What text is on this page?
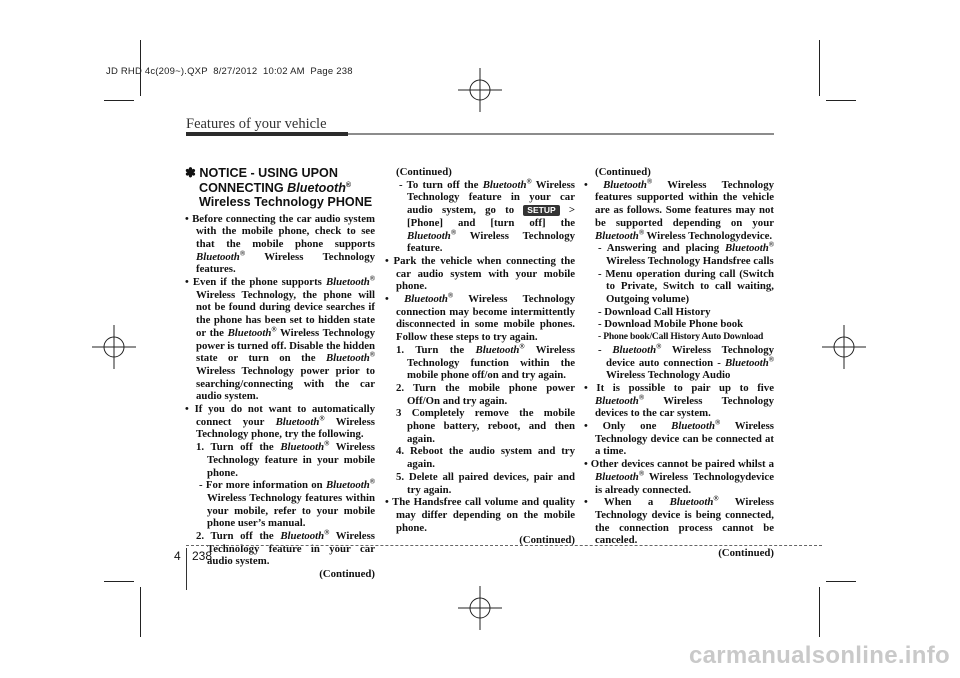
JD RHD 4c(209~).QXP  8/27/2012  10:02 AM  Page 238
Features of your vehicle
✽ NOTICE - USING UPON
CONNECTING Bluetooth®
Wireless Technology PHONE

• Before connecting the car audio system with the mobile phone, check to see that the mobile phone supports Bluetooth® Wireless Technology features.

• Even if the phone supports Bluetooth® Wireless Technology, the phone will not be found during device searches if the phone has been set to hidden state or the Bluetooth® Wireless Technology power is turned off. Disable the hidden state or turn on the Bluetooth® Wireless Technology power prior to searching/connecting with the car audio system.

• If you do not want to automatically connect your Bluetooth® Wireless Technology phone, try the following.

1. Turn off the Bluetooth® Wireless Technology feature in your mobile phone.

- For more information on Bluetooth® Wireless Technology features within your mobile, refer to your mobile phone user’s manual.

2. Turn off the Bluetooth® Wireless Technology feature in your car audio system.

(Continued)

(Continued)

- To turn off the Bluetooth® Wireless Technology feature in your car audio system, go to SETUP > [Phone] and [turn off] the Bluetooth® Wireless Technology feature.

• Park the vehicle when connecting the car audio system with your mobile phone.

• Bluetooth® Wireless Technology connection may become intermittently disconnected in some mobile phones. Follow these steps to try again.

1. Turn the Bluetooth® Wireless Technology function within the mobile phone off/on and try again.

2. Turn the mobile phone power Off/On and try again.

3 Completely remove the mobile phone battery, reboot, and then again.

4. Reboot the audio system and try again.

5. Delete all paired devices, pair and try again.

• The Handsfree call volume and quality may differ depending on the mobile phone.

(Continued)

(Continued)

• Bluetooth® Wireless Technology features supported within the vehicle are as follows. Some features may not be supported depending on your Bluetooth® Wireless Technologydevice.

- Answering and placing Bluetooth® Wireless Technology Handsfree calls

- Menu operation during call (Switch to Private, Switch to call waiting, Outgoing volume)

- Download Call History

- Download Mobile Phone book

- Phone book/Call History Auto Download

- Bluetooth® Wireless Technology device auto connection - Bluetooth® Wireless Technology Audio

• It is possible to pair up to five Bluetooth® Wireless Technology devices to the car system.

• Only one Bluetooth® Wireless Technology device can be connected at a time.

• Other devices cannot be paired whilst a Bluetooth® Wireless Technologydevice is already connected.

• When a Bluetooth® Wireless Technology device is being connected, the connection process cannot be canceled.

(Continued)

4 238
carmanualsonline.info
